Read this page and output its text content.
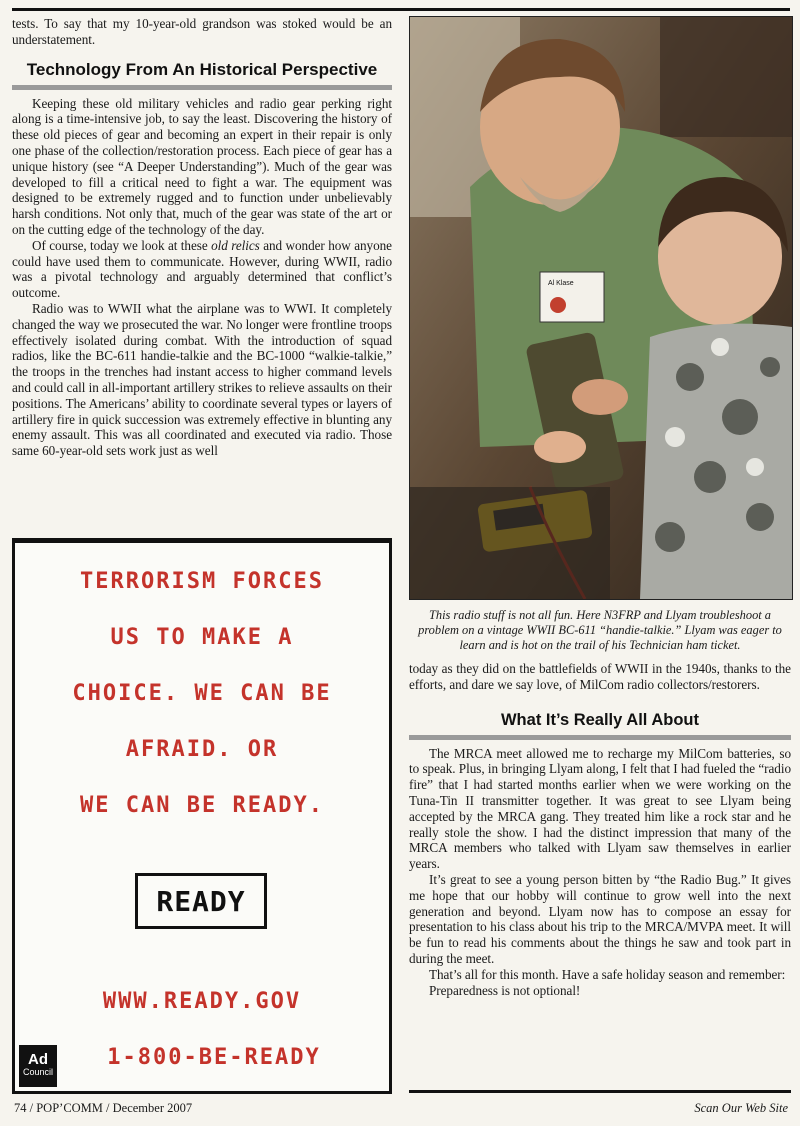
tests. To say that my 10-year-old grandson was stoked would be an understatement.

Technology From An Historical Perspective

Keeping these old military vehicles and radio gear perking right along is a time-intensive job, to say the least. Discovering the history of these old pieces of gear and becoming an expert in their repair is only one phase of the collection/restoration process. Each piece of gear has a unique history (see “A Deeper Understanding”). Much of the gear was developed to fill a critical need to fight a war. The equipment was designed to be extremely rugged and to function under unbelievably harsh conditions. Not only that, much of the gear was state of the art or on the cutting edge of the technology of the day.

Of course, today we look at these old relics and wonder how anyone could have used them to communicate. However, during WWII, radio was a pivotal technology and arguably determined that conflict’s outcome.

Radio was to WWII what the airplane was to WWI. It completely changed the way we prosecuted the war. No longer were frontline troops effectively isolated during combat. With the introduction of squad radios, like the BC-611 handie-talkie and the BC-1000 “walkie-talkie,” the troops in the trenches had instant access to higher command levels and could call in all-important artillery strikes to relieve assaults on their positions. The Americans’ ability to coordinate several types or layers of artillery fire in quick succession was extremely effective in blunting any enemy assault. This was all coordinated and executed via radio. Those same 60-year-old sets work just as well

TERRORISM FORCES
US TO MAKE A
CHOICE. WE CAN BE
AFRAID. OR
WE CAN BE READY.
READY
WWW.READY.GOV
1-800-BE-READY
Ad
Council
Al Klase
This radio stuff is not all fun. Here N3FRP and Llyam troubleshoot a problem on a vintage WWII BC-611 “handie-talkie.” Llyam was eager to learn and is hot on the trail of his Technician ham ticket.

today as they did on the battlefields of WWII in the 1940s, thanks to the efforts, and dare we say love, of MilCom radio collectors/restorers.

What It’s Really All About

The MRCA meet allowed me to recharge my MilCom batteries, so to speak. Plus, in bringing Llyam along, I felt that I had fueled the “radio fire” that I had started months earlier when we were working on the Tuna-Tin II transmitter together. It was great to see Llyam being accepted by the MRCA gang. They treated him like a rock star and he really stole the show. I had the distinct impression that many of the MRCA members who talked with Llyam saw themselves in earlier years.

It’s great to see a young person bitten by “the Radio Bug.” It gives me hope that our hobby will continue to grow well into the next generation and beyond. Llyam now has to compose an essay for presentation to his class about his trip to the MRCA/MVPA meet. It will be fun to read his comments about the things he saw and took part in during the meet.

That’s all for this month. Have a safe holiday season and remember:

Preparedness is not optional!

74 / POP’COMM / December 2007	Scan Our Web Site
